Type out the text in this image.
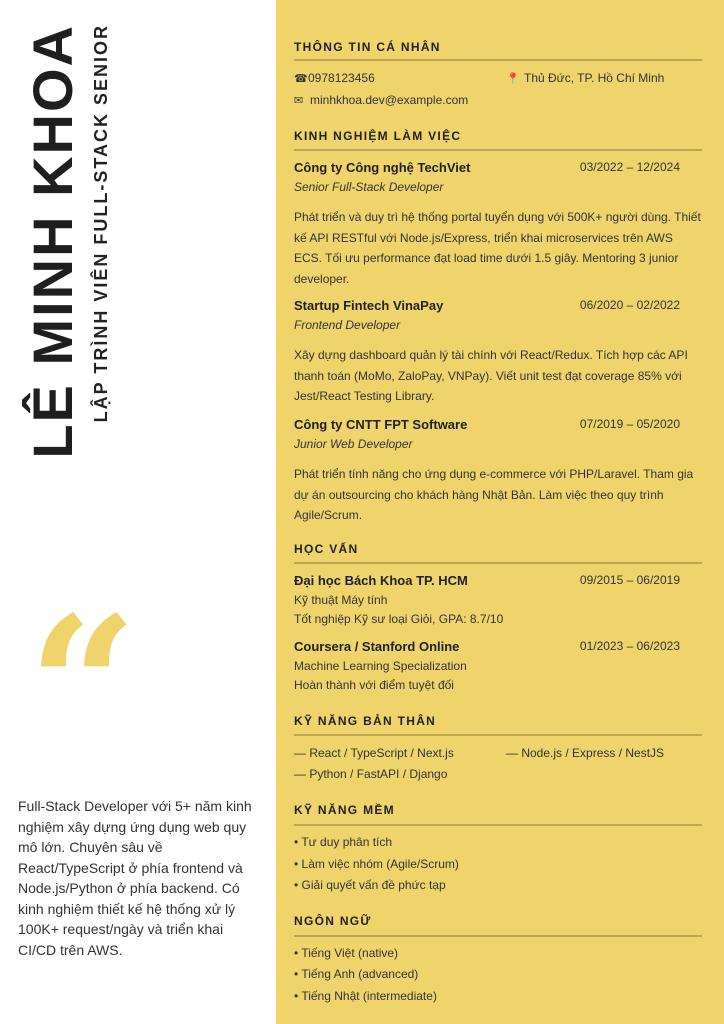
LÊ MINH KHOA LẬP TRÌNH VIÊN FULL-STACK SENIOR
“
Full-Stack Developer với 5+ năm kinh nghiệm xây dựng ứng dụng web quy mô lớn. Chuyên sâu về React/TypeScript ở phía frontend và Node.js/Python ở phía backend. Có kinh nghiệm thiết kế hệ thống xử lý 100K+ request/ngày và triển khai CI/CD trên AWS.
THÔNG TIN CÁ NHÂN
☎0978123456	📍 Thủ Đức, TP. Hồ Chí Minh
✉ minhkhoa.dev@example.com
KINH NGHIỆM LÀM VIỆC
Công ty Công nghệ TechViet	03/2022 – 12/2024
Senior Full-Stack Developer
Phát triển và duy trì hệ thống portal tuyển dụng với 500K+ người dùng. Thiết kế API RESTful với Node.js/Express, triển khai microservices trên AWS ECS. Tối ưu performance đạt load time dưới 1.5 giây. Mentoring 3 junior developer.
Startup Fintech VinaPay	06/2020 – 02/2022
Frontend Developer
Xây dựng dashboard quản lý tài chính với React/Redux. Tích hợp các API thanh toán (MoMo, ZaloPay, VNPay). Viết unit test đạt coverage 85% với Jest/React Testing Library.
Công ty CNTT FPT Software	07/2019 – 05/2020
Junior Web Developer
Phát triển tính năng cho ứng dụng e-commerce với PHP/Laravel. Tham gia dự án outsourcing cho khách hàng Nhật Bản. Làm việc theo quy trình Agile/Scrum.
HỌC VẤN
Đại học Bách Khoa TP. HCM	09/2015 – 06/2019
Kỹ thuật Máy tính
Tốt nghiệp Kỹ sư loại Giỏi, GPA: 8.7/10
Coursera / Stanford Online	01/2023 – 06/2023
Machine Learning Specialization
Hoàn thành với điểm tuyệt đối
KỸ NĂNG BẢN THÂN
— React / TypeScript / Next.js	— Node.js / Express / NestJS
— Python / FastAPI / Django
KỸ NĂNG MỀM
• Tư duy phân tích
• Làm việc nhóm (Agile/Scrum)
• Giải quyết vấn đề phức tạp
NGÔN NGỮ
• Tiếng Việt (native)
• Tiếng Anh (advanced)
• Tiếng Nhật (intermediate)
